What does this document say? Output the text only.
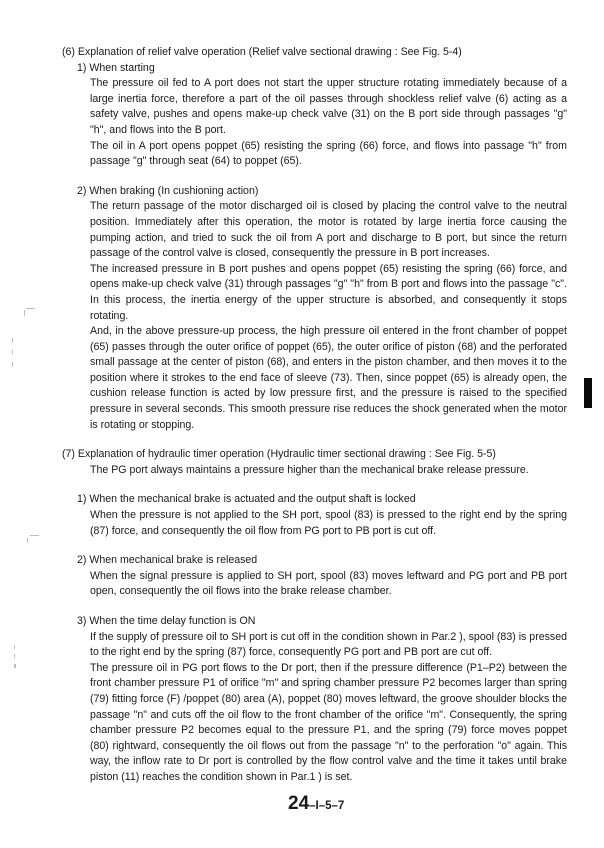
(6) Explanation of relief valve operation (Relief valve sectional drawing : See Fig. 5-4)

1) When starting

The pressure oil fed to A port does not start the upper structure rotating immediately because of a large inertia force, therefore a part of the oil passes through shockless relief valve (6) acting as a safety valve, pushes and opens make-up check valve (31) on the B port side through passages "g" "h", and flows into the B port.

The oil in A port opens poppet (65) resisting the spring (66) force, and flows into passage "h" from passage "g" through seat (64) to poppet (65).

2) When braking (In cushioning action)

The return passage of the motor discharged oil is closed by placing the control valve to the neutral position. Immediately after this operation, the motor is rotated by large inertia force causing the pumping action, and tried to suck the oil from A port and discharge to B port, but since the return passage of the control valve is closed, consequently the pressure in B port increases.

The increased pressure in B port pushes and opens poppet (65) resisting the spring (66) force, and opens make-up check valve (31) through passages "g" "h" from B port and flows into the passage "c". In this process, the inertia energy of the upper structure is absorbed, and consequently it stops rotating.

And, in the above pressure-up process, the high pressure oil entered in the front chamber of poppet (65) passes through the outer orifice of poppet (65), the outer orifice of piston (68) and the perforated small passage at the center of piston (68), and enters in the piston chamber, and then moves it to the position where it strokes to the end face of sleeve (73). Then, since poppet (65) is already open, the cushion release function is acted by low pressure first, and the pressure is raised to the specified pressure in several seconds. This smooth pressure rise reduces the shock generated when the motor is rotating or stopping.

(7) Explanation of hydraulic timer operation (Hydraulic timer sectional drawing : See Fig. 5-5)

The PG port always maintains a pressure higher than the mechanical brake release pressure.

1) When the mechanical brake is actuated and the output shaft is locked

When the pressure is not applied to the SH port, spool (83) is pressed to the right end by the spring (87) force, and consequently the oil flow from PG port to PB port is cut off.

2) When mechanical brake is released

When the signal pressure is applied to SH port, spool (83) moves leftward and PG port and PB port open, consequently the oil flows into the brake release chamber.

3) When the time delay function is ON

If the supply of pressure oil to SH port is cut off in the condition shown in Par.2 ), spool (83) is pressed to the right end by the spring (87) force, consequently PG port and PB port are cut off.

The pressure oil in PG port flows to the Dr port, then if the pressure difference (P1–P2) between the front chamber pressure P1 of orifice "m" and spring chamber pressure P2 becomes larger than spring (79) fitting force (F) /poppet (80) area (A), poppet (80) moves leftward, the groove shoulder blocks the passage "n" and cuts off the oil flow to the front chamber of the orifice "m". Consequently, the spring chamber pressure P2 becomes equal to the pressure P1, and the spring (79) force moves poppet (80) rightward, consequently the oil flows out from the passage "n" to the perforation "o" again. This way, the inflow rate to Dr port is controlled by the flow control valve and the time it takes until brake piston (11) reaches the condition shown in Par.1 ) is set.

24–I–5–7
